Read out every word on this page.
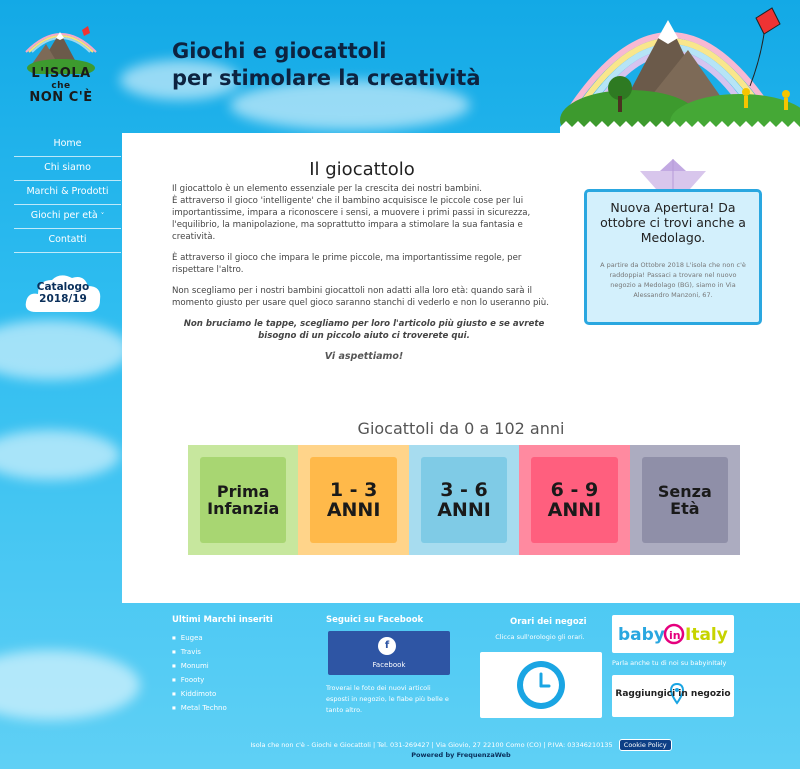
L'ISOLA
che
NON C'È
Home
Chi siamo
Marchi & Prodotti
Giochi per età ˅
Contatti
Catalogo
2018/19
Giochi e giocattoli
per stimolare la creatività
Il giocattolo

Il giocattolo è un elemento essenziale per la crescita dei nostri bambini.
È attraverso il gioco 'intelligente' che il bambino acquisisce le piccole cose per lui importantissime, impara a riconoscere i sensi, a muovere i primi passi in sicurezza, l'equilibrio, la manipolazione, ma soprattutto impara a stimolare la sua fantasia e creatività.

È attraverso il gioco che impara le prime piccole, ma importantissime regole, per rispettare l'altro.

Non scegliamo per i nostri bambini giocattoli non adatti alla loro età: quando sarà il momento giusto per usare quel gioco saranno stanchi di vederlo e non lo useranno più.

Non bruciamo le tappe, scegliamo per loro l'articolo più giusto e se avrete bisogno di un piccolo aiuto ci troverete qui.

Vi aspettiamo!

Nuova Apertura! Da ottobre ci trovi anche a Medolago.
A partire da Ottobre 2018 L'isola che non c'è raddoppia! Passaci a trovare nel nuovo negozio a Medolago (BG), siamo in Via Alessandro Manzoni, 67.
Giocattoli da 0 a 102 anni
Prima
Infanzia
1 - 3
ANNI
3 - 6
ANNI
6 - 9
ANNI
Senza
Età
Ultimi Marchi inseriti
■ Eugea
■ Travis
■ Monumi
■ Foooty
■ Kiddimoto
■ Metal Techno
Seguici su Facebook
f
Facebook
Troverai le foto dei nuovi articoli esposti in negozio, le fiabe più belle e tanto altro.
Orari dei negozi
Clicca sull'orologio gli orari.	baby in Italy
Parla anche tu di noi su babyinItaly
Raggiungici in negozio
Isola che non c'è - Giochi e Giocattoli | Tel. 031-269427 | Via Giovio, 27 22100 Como (CO) | P.IVA: 03346210135 Cookie Policy
Powered by FrequenzaWeb
